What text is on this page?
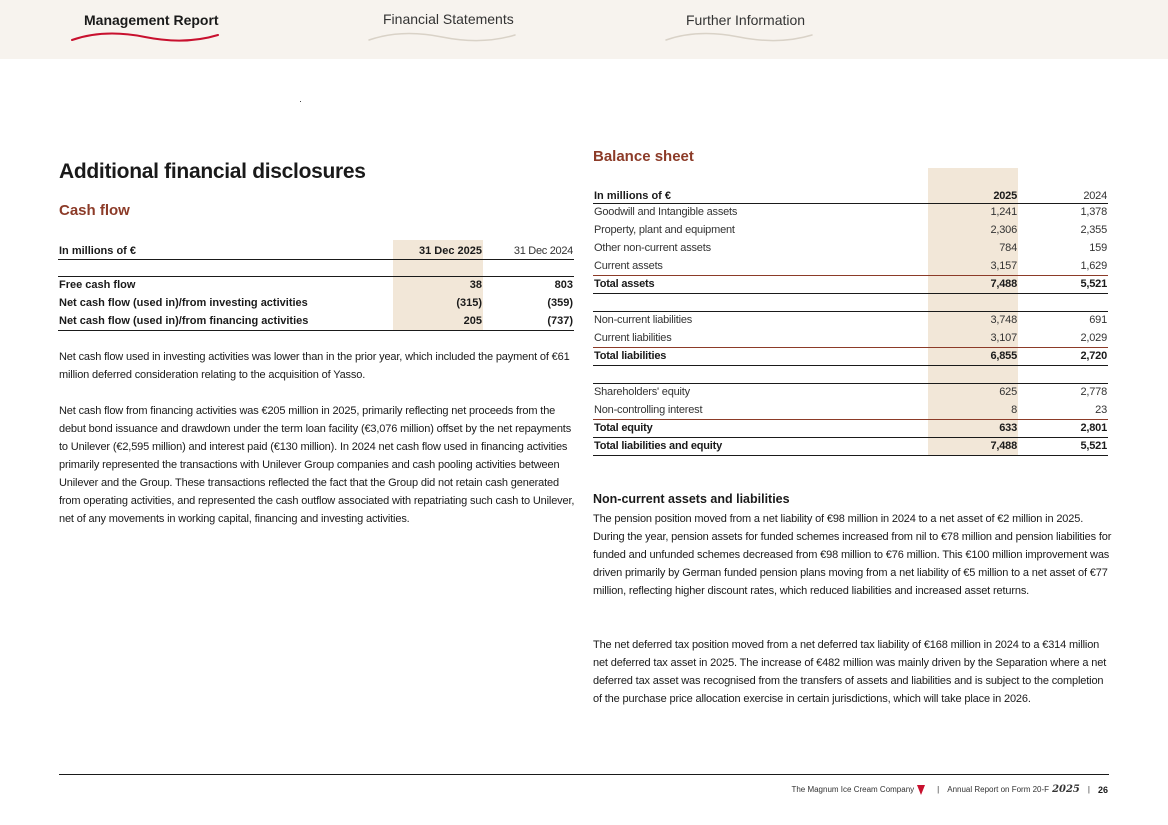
Management Report	Financial Statements	Further Information
Additional financial disclosures
Cash flow

In millions of €	31 Dec 2025	31 Dec 2024
Free cash flow	38	803
Net cash flow (used in)/from investing activities	(315)	(359)
Net cash flow (used in)/from financing activities	205	(737)

Net cash flow used in investing activities was lower than in the prior year, which included the payment of €61 million deferred consideration relating to the acquisition of Yasso.

Net cash flow from financing activities was €205 million in 2025, primarily reflecting net proceeds from the debut bond issuance and drawdown under the term loan facility (€3,076 million) offset by the net repayments to Unilever (€2,595 million) and interest paid (€130 million). In 2024 net cash flow used in financing activities primarily represented the transactions with Unilever Group companies and cash pooling activities between Unilever and the Group. These transactions reflected the fact that the Group did not retain cash generated from operating activities, and represented the cash outflow associated with repatriating such cash to Unilever, net of any movements in working capital, financing and investing activities.

Balance sheet
In millions of €	2025	2024
Goodwill and Intangible assets	1,241	1,378
Property, plant and equipment	2,306	2,355
Other non-current assets	784	159
Current assets	3,157	1,629
Total assets	7,488	5,521

Non-current liabilities	3,748	691
Current liabilities	3,107	2,029
Total liabilities	6,855	2,720

Shareholders' equity	625	2,778
Non-controlling interest	8	23
Total equity	633	2,801
Total liabilities and equity	7,488	5,521
Non-current assets and liabilities

The pension position moved from a net liability of €98 million in 2024 to a net asset of €2 million in 2025. During the year, pension assets for funded schemes increased from nil to €78 million and pension liabilities for funded and unfunded schemes decreased from €98 million to €76 million. This €100 million improvement was driven primarily by German funded pension plans moving from a net liability of €5 million to a net asset of €77 million, reflecting higher discount rates, which reduced liabilities and increased asset returns.

The net deferred tax position moved from a net deferred tax liability of €168 million in 2024 to a €314 million net deferred tax asset in 2025. The increase of €482 million was mainly driven by the Separation where a net deferred tax asset was recognised from the transfers of assets and liabilities and is subject to the completion of the purchase price allocation exercise in certain jurisdictions, which will take place in 2026.

The Magnum Ice Cream Company	| Annual Report on Form 20-F 2025 | 26
